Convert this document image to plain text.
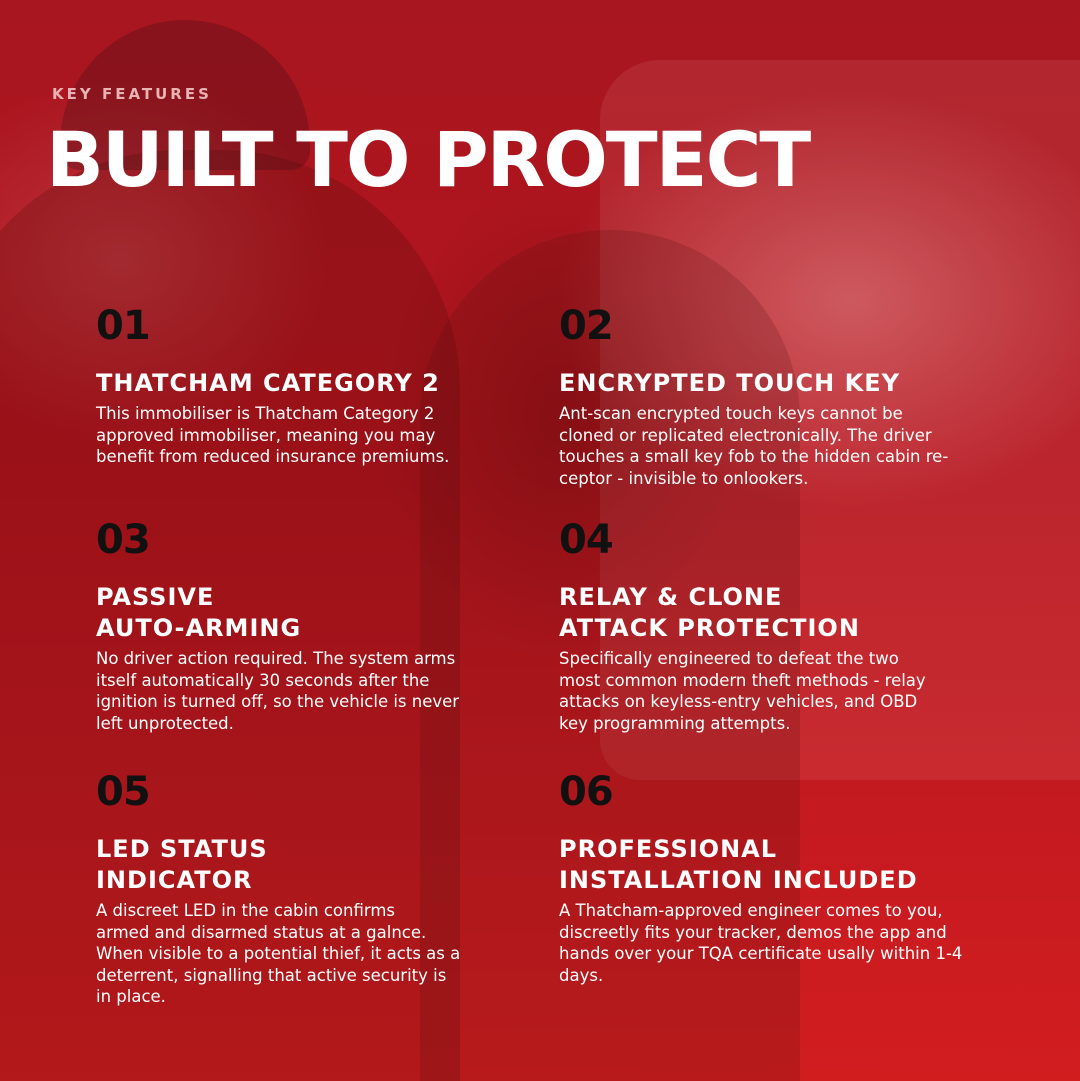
KEY FEATURES

BUILT TO PROTECT

01

THATCHAM CATEGORY 2

This immobiliser is Thatcham Category 2
approved immobiliser, meaning you may
benefit from reduced insurance premiums.

02

ENCRYPTED TOUCH KEY

Ant-scan encrypted touch keys cannot be
cloned or replicated electronically. The driver
touches a small key fob to the hidden cabin re-
ceptor - invisible to onlookers.

03

PASSIVE
AUTO-ARMING

No driver action required. The system arms
itself automatically 30 seconds after the
ignition is turned off, so the vehicle is never
left unprotected.

04

RELAY & CLONE
ATTACK PROTECTION

Specifically engineered to defeat the two
most common modern theft methods - relay
attacks on keyless-entry vehicles, and OBD
key programming attempts.

05

LED STATUS
INDICATOR

A discreet LED in the cabin confirms
armed and disarmed status at a galnce.
When visible to a potential thief, it acts as a
deterrent, signalling that active security is
in place.

06

PROFESSIONAL
INSTALLATION INCLUDED

A Thatcham-approved engineer comes to you,
discreetly fits your tracker, demos the app and
hands over your TQA certificate usally within 1-4
days.
